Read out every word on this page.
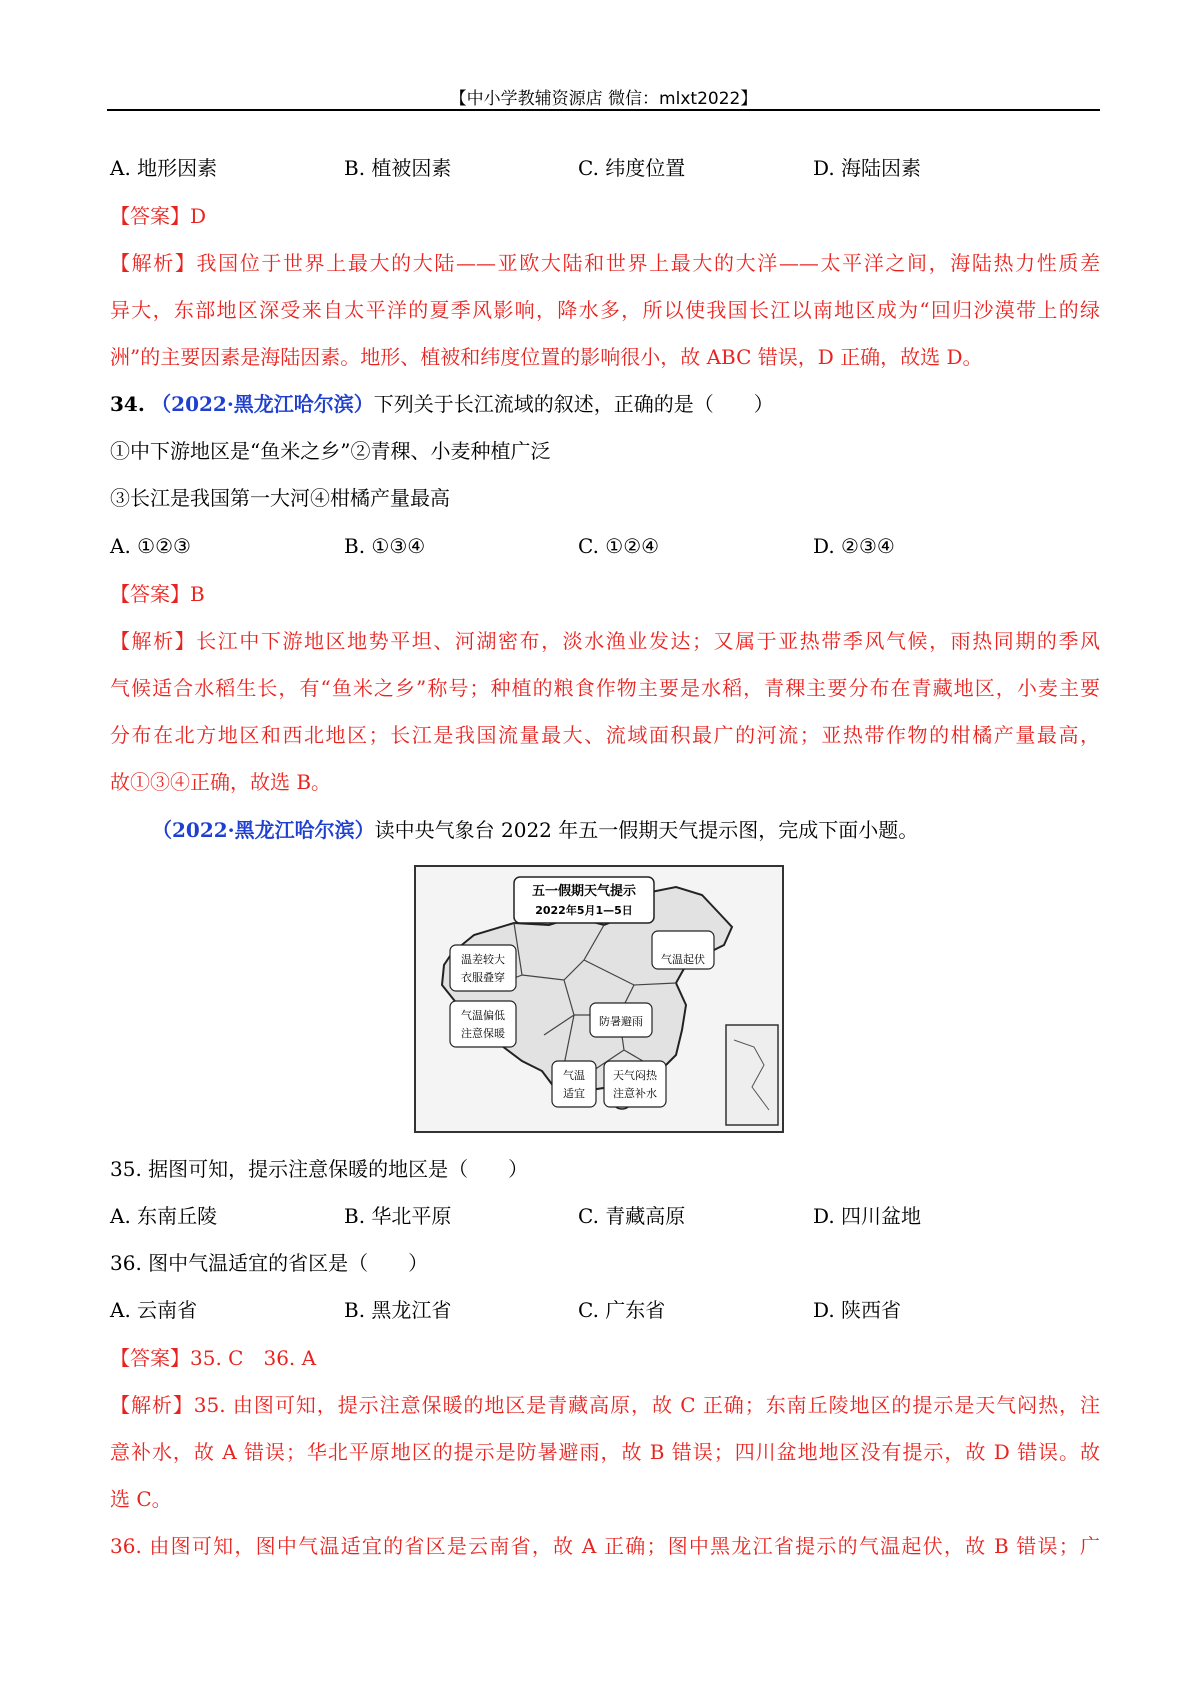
【中小学教辅资源店 微信：mlxt2022】
A. 地形因素	B. 植被因素	C. 纬度位置	D. 海陆因素
【答案】D
【解析】我国位于世界上最大的大陆——亚欧大陆和世界上最大的大洋——太平洋之间，海陆热力性质差
异大，东部地区深受来自太平洋的夏季风影响，降水多，所以使我国长江以南地区成为“回归沙漠带上的绿
洲”的主要因素是海陆因素。地形、植被和纬度位置的影响很小，故 ABC 错误，D 正确，故选 D。
34. （2022·黑龙江哈尔滨）下列关于长江流域的叙述，正确的是（　　）
①中下游地区是“鱼米之乡”②青稞、小麦种植广泛
③长江是我国第一大河④柑橘产量最高
A. ①②③	B. ①③④	C. ①②④	D. ②③④
【答案】B
【解析】长江中下游地区地势平坦、河湖密布，淡水渔业发达；又属于亚热带季风气候，雨热同期的季风
气候适合水稻生长，有“鱼米之乡”称号；种植的粮食作物主要是水稻，青稞主要分布在青藏地区，小麦主要
分布在北方地区和西北地区；长江是我国流量最大、流域面积最广的河流；亚热带作物的柑橘产量最高，
故①③④正确，故选 B。
（2022·黑龙江哈尔滨）读中央气象台 2022 年五一假期天气提示图，完成下面小题。
五一假期天气提示
2022年5月1—5日
气温起伏
温差较大
衣服叠穿
气温偏低
注意保暖
防暑避雨
气温
适宜
天气闷热
注意补水
35. 据图可知，提示注意保暖的地区是（　　）
A. 东南丘陵	B. 华北平原	C. 青藏高原	D. 四川盆地
36. 图中气温适宜的省区是（　　）
A. 云南省	B. 黑龙江省	C. 广东省	D. 陕西省
【答案】35. C　36. A
【解析】35. 由图可知，提示注意保暖的地区是青藏高原，故 C 正确；东南丘陵地区的提示是天气闷热，注
意补水，故 A 错误；华北平原地区的提示是防暑避雨，故 B 错误；四川盆地地区没有提示，故 D 错误。故
选 C。
36. 由图可知，图中气温适宜的省区是云南省，故 A 正确；图中黑龙江省提示的气温起伏，故 B 错误；广
